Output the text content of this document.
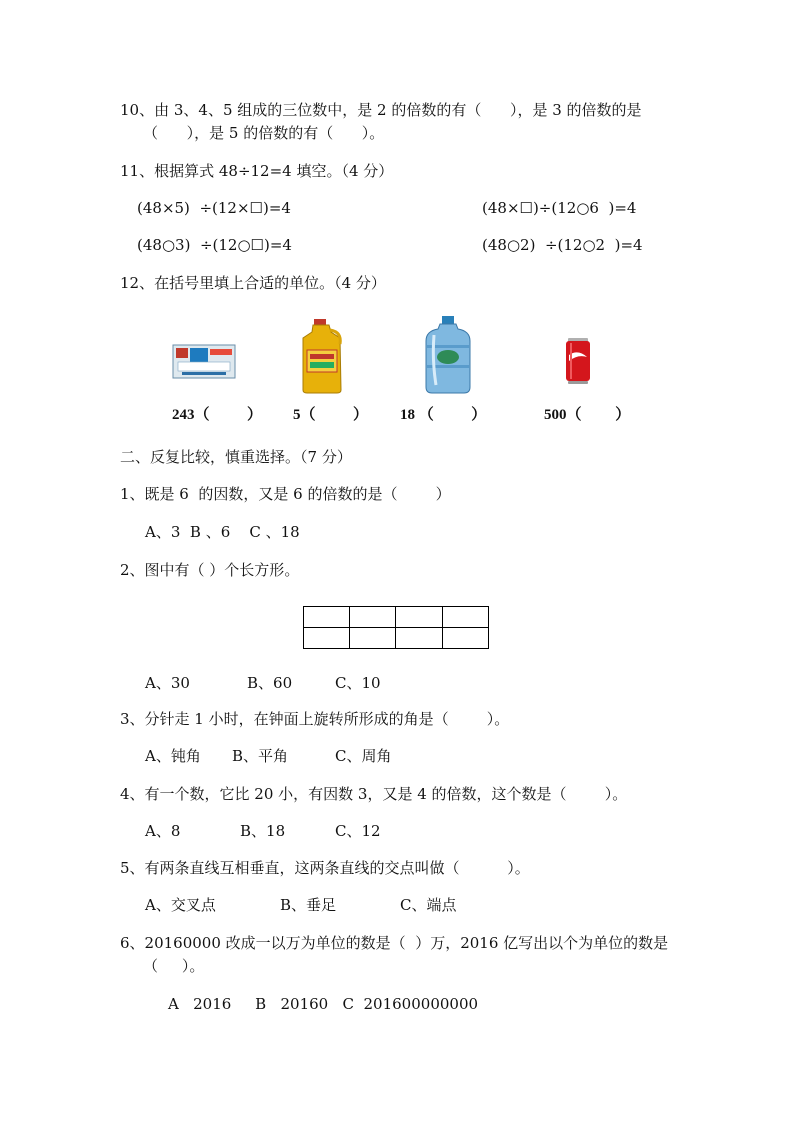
10、由 3、4、5 组成的三位数中，是 2 的倍数的有（      ），是 3 的倍数的是
（      ），是 5 的倍数的有（      ）。
11、根据算式 48÷12=4 填空。（4 分）
(48×5)  ÷(12×☐)=4	(48×☐)÷(12○6  )=4
(48○3)  ÷(12○☐)=4	(48○2)  ÷(12○2  )=4
12、在括号里填上合适的单位。（4 分）
243（          ） 5（          ） 18 （          ）	500（         ）
二、反复比较，慎重选择。（7 分）
1、既是 6  的因数，又是 6 的倍数的是（        ）
A、3  B 、6    C 、18
2、图中有（ ）个长方形。
A、30	B、60	C、10
3、分针走 1 小时，在钟面上旋转所形成的角是（        ）。
A、钝角 B、平角	C、周角
4、有一个数，它比 20 小，有因数 3，又是 4 的倍数，这个数是（        ）。
A、8	B、18	C、12
5、有两条直线互相垂直，这两条直线的交点叫做（          ）。
A、交叉点	B、垂足	C、端点
6、20160000 改成一以万为单位的数是（  ）万，2016 亿写出以个为单位的数是
（     ）。
A   2016     B   20160   C  201600000000
